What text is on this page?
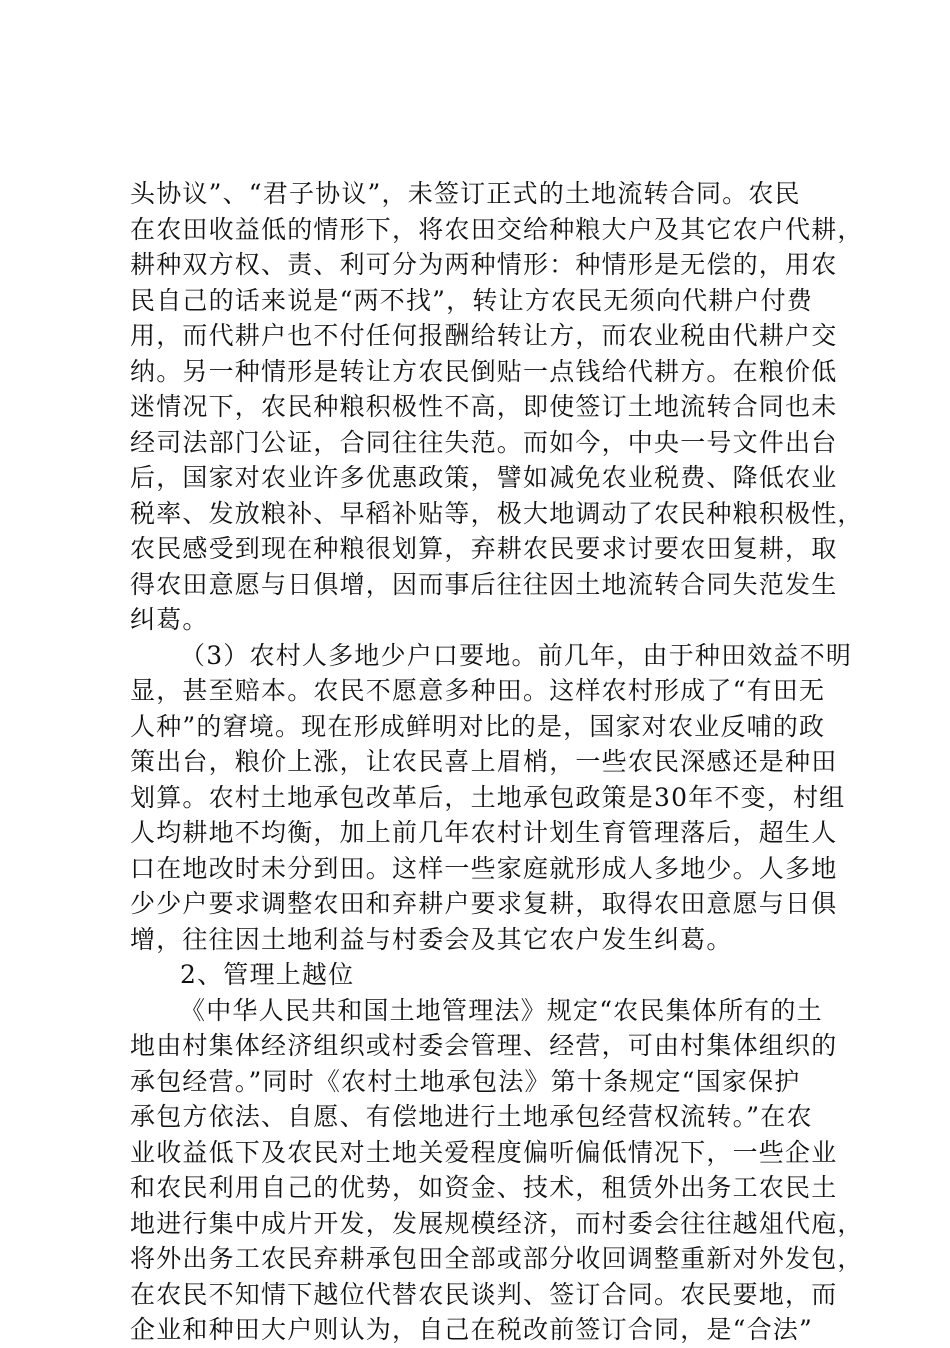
头协议”、“君子协议”，未签订正式的土地流转合同。农民
在农田收益低的情形下，将农田交给种粮大户及其它农户代耕，
耕种双方权、责、利可分为两种情形：种情形是无偿的，用农
民自己的话来说是“两不找”，转让方农民无须向代耕户付费
用，而代耕户也不付任何报酬给转让方，而农业税由代耕户交
纳。另一种情形是转让方农民倒贴一点钱给代耕方。在粮价低
迷情况下，农民种粮积极性不高，即使签订土地流转合同也未
经司法部门公证，合同往往失范。而如今，中央一号文件出台
后，国家对农业许多优惠政策，譬如减免农业税费、降低农业
税率、发放粮补、早稻补贴等，极大地调动了农民种粮积极性，
农民感受到现在种粮很划算，弃耕农民要求讨要农田复耕，取
得农田意愿与日俱增，因而事后往往因土地流转合同失范发生
纠葛。
（3）农村人多地少户口要地。前几年，由于种田效益不明
显，甚至赔本。农民不愿意多种田。这样农村形成了“有田无
人种”的窘境。现在形成鲜明对比的是，国家对农业反哺的政
策出台，粮价上涨，让农民喜上眉梢，一些农民深感还是种田
划算。农村土地承包改革后，土地承包政策是30年不变，村组
人均耕地不均衡，加上前几年农村计划生育管理落后，超生人
口在地改时未分到田。这样一些家庭就形成人多地少。人多地
少少户要求调整农田和弃耕户要求复耕，取得农田意愿与日俱
增，往往因土地利益与村委会及其它农户发生纠葛。
2、管理上越位
《中华人民共和国土地管理法》规定“农民集体所有的土
地由村集体经济组织或村委会管理、经营，可由村集体组织的
承包经营。”同时《农村土地承包法》第十条规定“国家保护
承包方依法、自愿、有偿地进行土地承包经营权流转。”在农
业收益低下及农民对土地关爱程度偏听偏低情况下，一些企业
和农民利用自己的优势，如资金、技术，租赁外出务工农民土
地进行集中成片开发，发展规模经济，而村委会往往越俎代庖，
将外出务工农民弃耕承包田全部或部分收回调整重新对外发包，
在农民不知情下越位代替农民谈判、签订合同。农民要地，而
企业和种田大户则认为，自己在税改前签订合同，是“合法”
